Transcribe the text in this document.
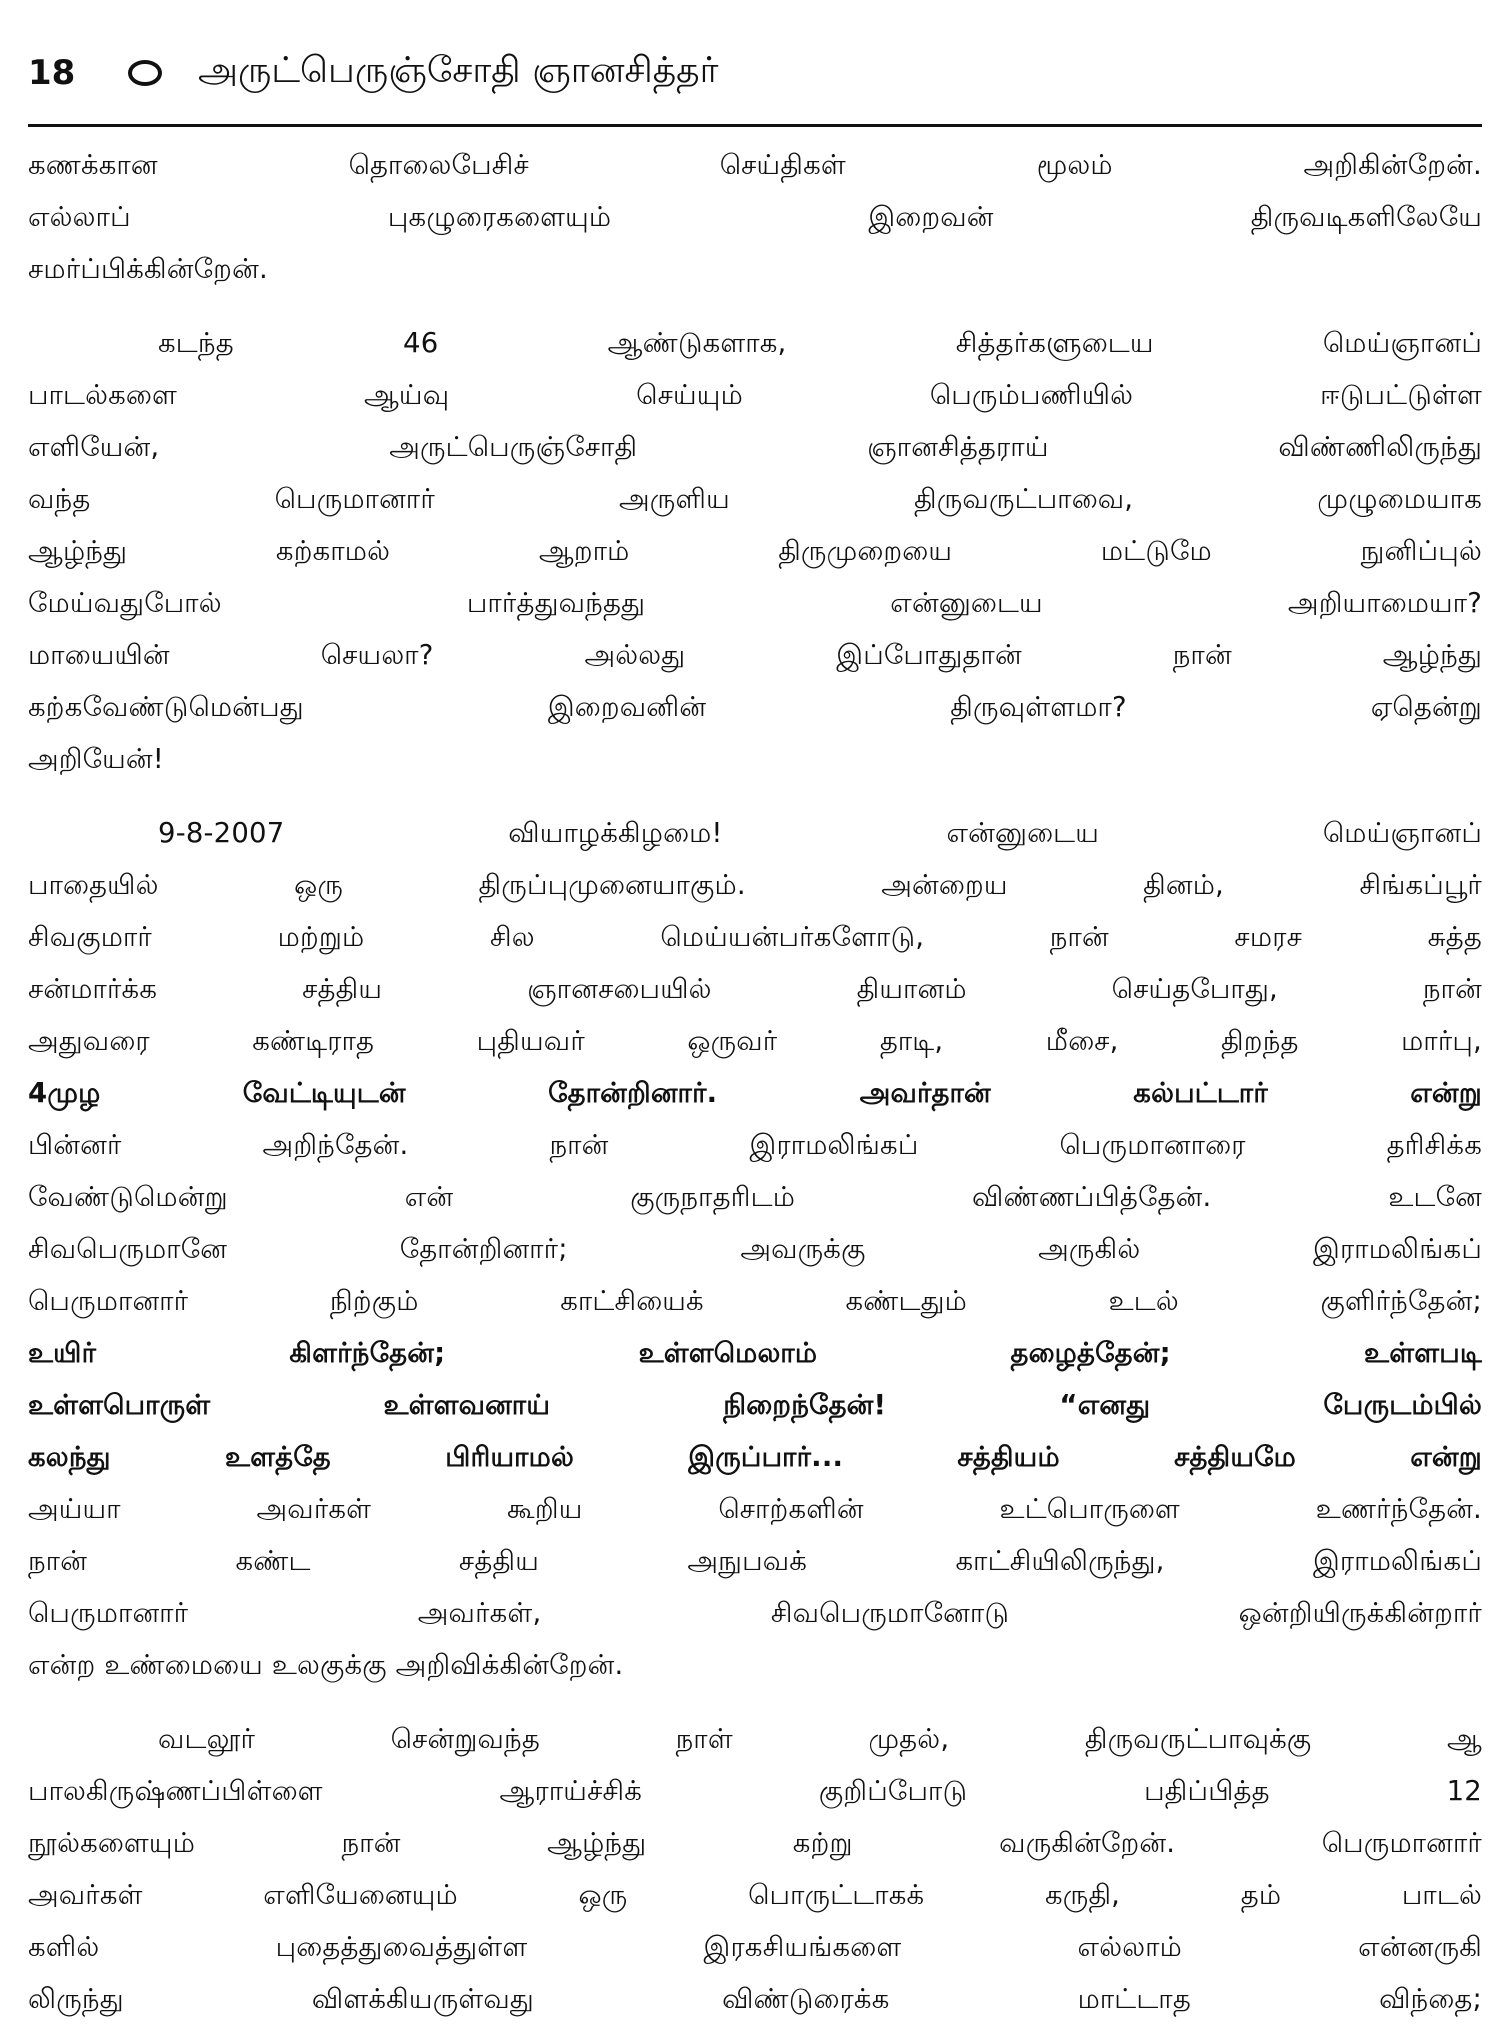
18	அருட்பெருஞ்சோதி ஞானசித்தர்
கணக்கான தொலைபேசிச் செய்திகள் மூலம் அறிகின்றேன்.
எல்லாப் புகழுரைகளையும் இறைவன் திருவடிகளிலேயே
சமர்ப்பிக்கின்றேன்.
கடந்த 46 ஆண்டுகளாக, சித்தர்களுடைய மெய்ஞானப்
பாடல்களை ஆய்வு செய்யும் பெரும்பணியில் ஈடுபட்டுள்ள
எளியேன், அருட்பெருஞ்சோதி ஞானசித்தராய் விண்ணிலிருந்து
வந்த பெருமானார் அருளிய திருவருட்பாவை, முழுமையாக
ஆழ்ந்து கற்காமல் ஆறாம் திருமுறையை மட்டுமே நுனிப்புல்
மேய்வதுபோல் பார்த்துவந்தது என்னுடைய அறியாமையா?
மாயையின் செயலா? அல்லது இப்போதுதான் நான் ஆழ்ந்து
கற்கவேண்டுமென்பது இறைவனின் திருவுள்ளமா? ஏதென்று
அறியேன்!
9-8-2007 வியாழக்கிழமை! என்னுடைய மெய்ஞானப்
பாதையில் ஒரு திருப்புமுனையாகும். அன்றைய தினம், சிங்கப்பூர்
சிவகுமார் மற்றும் சில மெய்யன்பர்களோடு, நான் சமரச சுத்த
சன்மார்க்க சத்திய ஞானசபையில் தியானம் செய்தபோது, நான்
அதுவரை கண்டிராத புதியவர் ஒருவர் தாடி, மீசை, திறந்த மார்பு,
4முழ வேட்டியுடன் தோன்றினார். அவர்தான் கல்பட்டார் என்று
பின்னர் அறிந்தேன். நான் இராமலிங்கப் பெருமானாரை தரிசிக்க
வேண்டுமென்று என் குருநாதரிடம் விண்ணப்பித்தேன். உடனே
சிவபெருமானே தோன்றினார்; அவருக்கு அருகில் இராமலிங்கப்
பெருமானார் நிற்கும் காட்சியைக் கண்டதும் உடல் குளிர்ந்தேன்;
உயிர் கிளர்ந்தேன்; உள்ளமெலாம் தழைத்தேன்; உள்ளபடி
உள்ளபொருள் உள்ளவனாய் நிறைந்தேன்! “எனது பேருடம்பில்
கலந்து உளத்தே பிரியாமல் இருப்பார்... சத்தியம் சத்தியமே என்று
அய்யா அவர்கள் கூறிய சொற்களின் உட்பொருளை உணர்ந்தேன்.
நான் கண்ட சத்திய அநுபவக் காட்சியிலிருந்து, இராமலிங்கப்
பெருமானார் அவர்கள், சிவபெருமானோடு ஒன்றியிருக்கின்றார்
என்ற உண்மையை உலகுக்கு அறிவிக்கின்றேன்.
வடலூர் சென்றுவந்த நாள் முதல், திருவருட்பாவுக்கு ஆ
பாலகிருஷ்ணப்பிள்ளை ஆராய்ச்சிக் குறிப்போடு பதிப்பித்த 12
நூல்களையும் நான் ஆழ்ந்து கற்று வருகின்றேன். பெருமானார்
அவர்கள் எளியேனையும் ஒரு பொருட்டாகக் கருதி, தம் பாடல்
களில் புதைத்துவைத்துள்ள இரகசியங்களை எல்லாம் என்னருகி
லிருந்து விளக்கியருள்வது விண்டுரைக்க மாட்டாத விந்தை;
